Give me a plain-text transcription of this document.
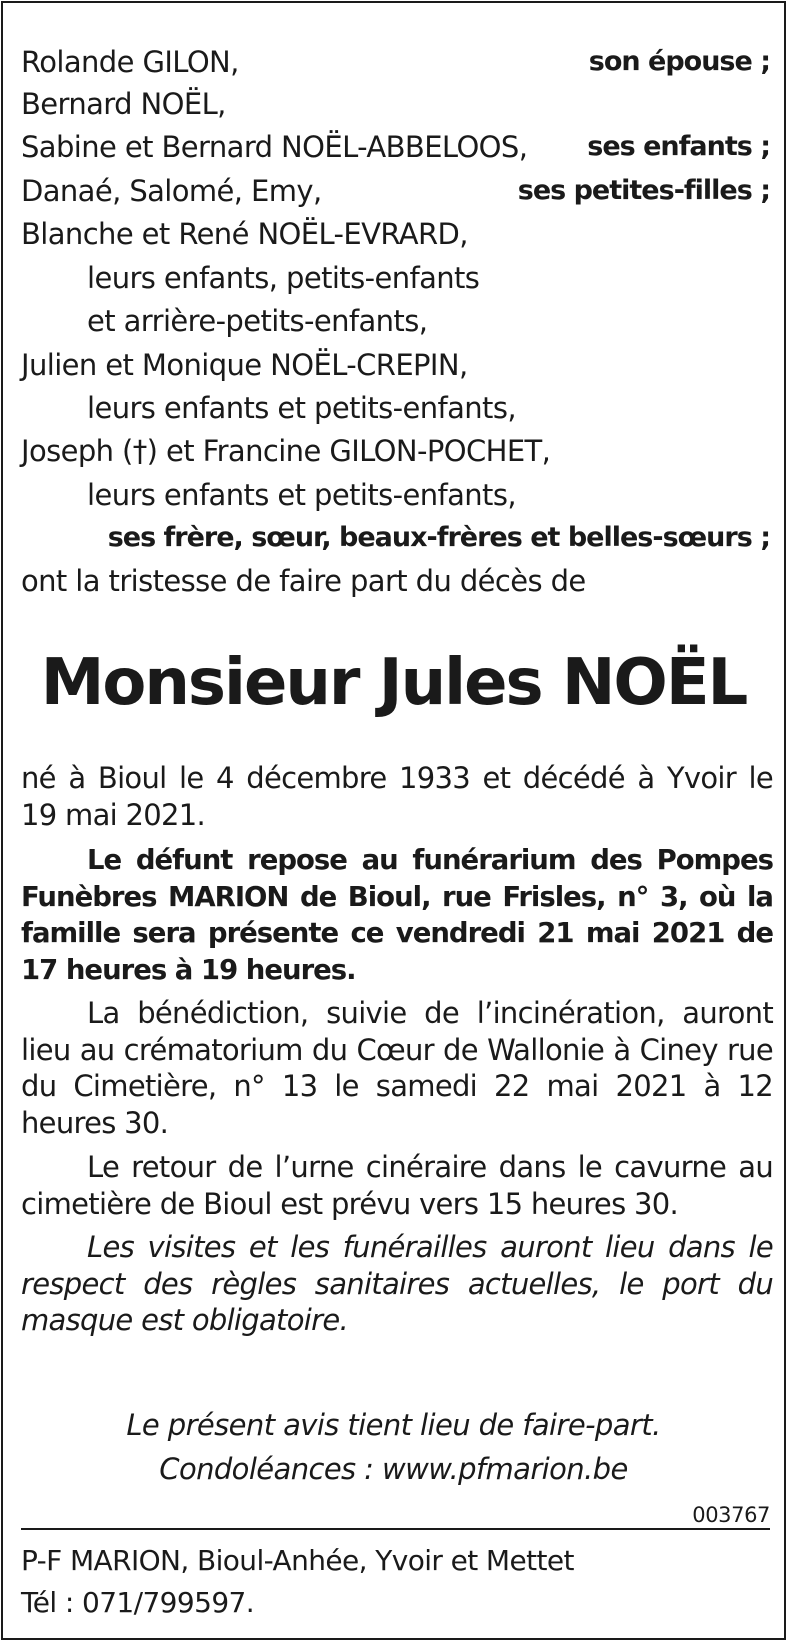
Rolande GILON,	son épouse ;
Bernard NOËL,
Sabine et Bernard NOËL-ABBELOOS, ses enfants ;
Danaé, Salomé, Emy,	ses petites-filles ;
Blanche et René NOËL-EVRARD,
leurs enfants, petits-enfants
et arrière-petits-enfants,
Julien et Monique NOËL-CREPIN,
leurs enfants et petits-enfants,
Joseph (†) et Francine GILON-POCHET,
leurs enfants et petits-enfants,
ses frère, sœur, beaux-frères et belles-sœurs ;
ont la tristesse de faire part du décès de
Monsieur Jules NOËL
né à Bioul le 4 décembre 1933 et décédé à Yvoir le 19 mai 2021.
Le défunt repose au funérarium des Pompes Funèbres MARION de Bioul, rue Frisles, n° 3, où la famille sera présente ce vendredi 21 mai 2021 de 17 heures à 19 heures.
La bénédiction, suivie de l’incinération, auront lieu au crématorium du Cœur de Wallonie à Ciney rue du Cimetière, n° 13 le samedi 22 mai 2021 à 12 heures 30.
Le retour de l’urne cinéraire dans le cavurne au cimetière de Bioul est prévu vers 15 heures 30.
Les visites et les funérailles auront lieu dans le respect des règles sanitaires actuelles, le port du masque est obligatoire.
Le présent avis tient lieu de faire-part.
Condoléances : www.pfmarion.be
003767
P-F MARION, Bioul-Anhée, Yvoir et Mettet
Tél : 071/799597.
